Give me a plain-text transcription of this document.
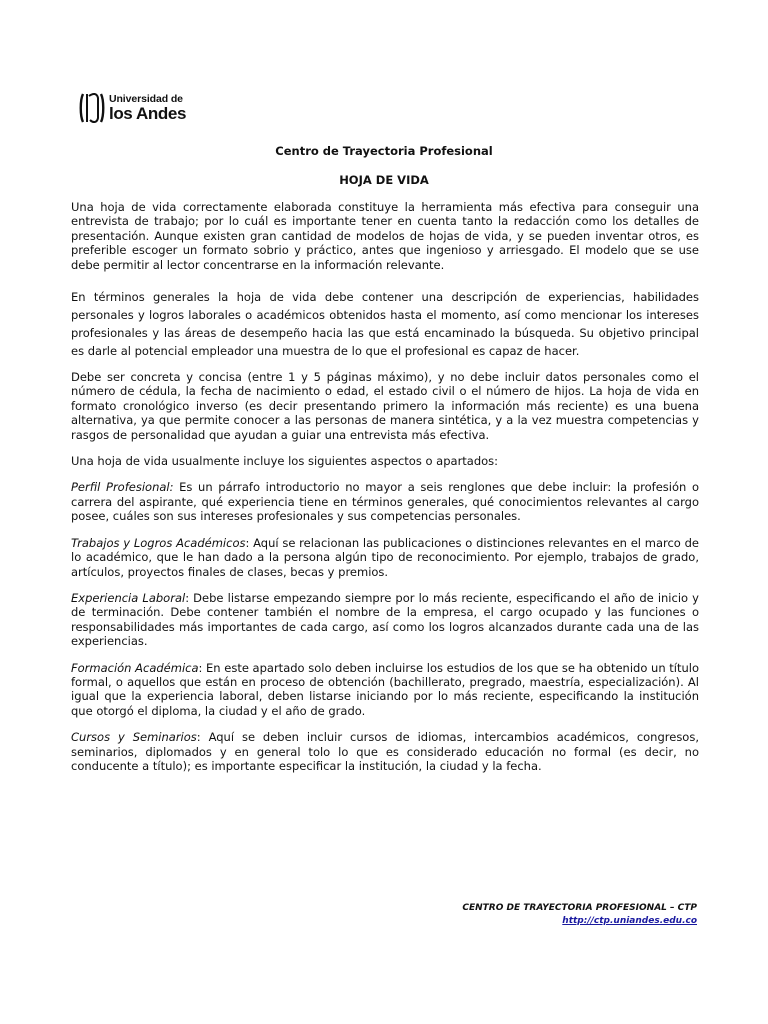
Universidad de
los Andes
Centro de Trayectoria Profesional
HOJA DE VIDA

Una hoja de vida correctamente elaborada constituye la herramienta más efectiva para conseguir una entrevista de trabajo; por lo cuál es importante tener en cuenta tanto la redacción como los detalles de presentación. Aunque existen gran cantidad de modelos de hojas de vida, y se pueden inventar otros, es preferible escoger un formato sobrio y práctico, antes que ingenioso y arriesgado. El modelo que se use debe permitir al lector concentrarse en la información relevante.

En términos generales la hoja de vida debe contener una descripción de experiencias, habilidades personales y logros laborales o académicos obtenidos hasta el momento, así como mencionar los intereses profesionales y las áreas de desempeño hacia las que está encaminado la búsqueda. Su objetivo principal es darle al potencial empleador una muestra de lo que el profesional es capaz de hacer.

Debe ser concreta y concisa (entre 1 y 5 páginas máximo), y no debe incluir datos personales como el número de cédula, la fecha de nacimiento o edad, el estado civil o el número de hijos. La hoja de vida en formato cronológico inverso (es decir presentando primero la información más reciente) es una buena alternativa, ya que permite conocer a las personas de manera sintética, y a la vez muestra competencias y rasgos de personalidad que ayudan a guiar una entrevista más efectiva.

Una hoja de vida usualmente incluye los siguientes aspectos o apartados:

Perfil Profesional: Es un párrafo introductorio no mayor a seis renglones que debe incluir: la profesión o carrera del aspirante, qué experiencia tiene en términos generales, qué conocimientos relevantes al cargo posee, cuáles son sus intereses profesionales y sus competencias personales.

Trabajos y Logros Académicos: Aquí se relacionan las publicaciones o distinciones relevantes en el marco de lo académico, que le han dado a la persona algún tipo de reconocimiento. Por ejemplo, trabajos de grado, artículos, proyectos finales de clases, becas y premios.

Experiencia Laboral: Debe listarse empezando siempre por lo más reciente, especificando el año de inicio y de terminación. Debe contener también el nombre de la empresa, el cargo ocupado y las funciones o responsabilidades más importantes de cada cargo, así como los logros alcanzados durante cada una de las experiencias.

Formación Académica: En este apartado solo deben incluirse los estudios de los que se ha obtenido un título formal, o aquellos que están en proceso de obtención (bachillerato, pregrado, maestría, especialización). Al igual que la experiencia laboral, deben listarse iniciando por lo más reciente, especificando la institución que otorgó el diploma, la ciudad y el año de grado.

Cursos y Seminarios: Aquí se deben incluir cursos de idiomas, intercambios académicos, congresos, seminarios, diplomados y en general tolo lo que es considerado educación no formal (es decir, no conducente a título); es importante especificar la institución, la ciudad y la fecha.

CENTRO DE TRAYECTORIA PROFESIONAL – CTP
http://ctp.uniandes.edu.co
